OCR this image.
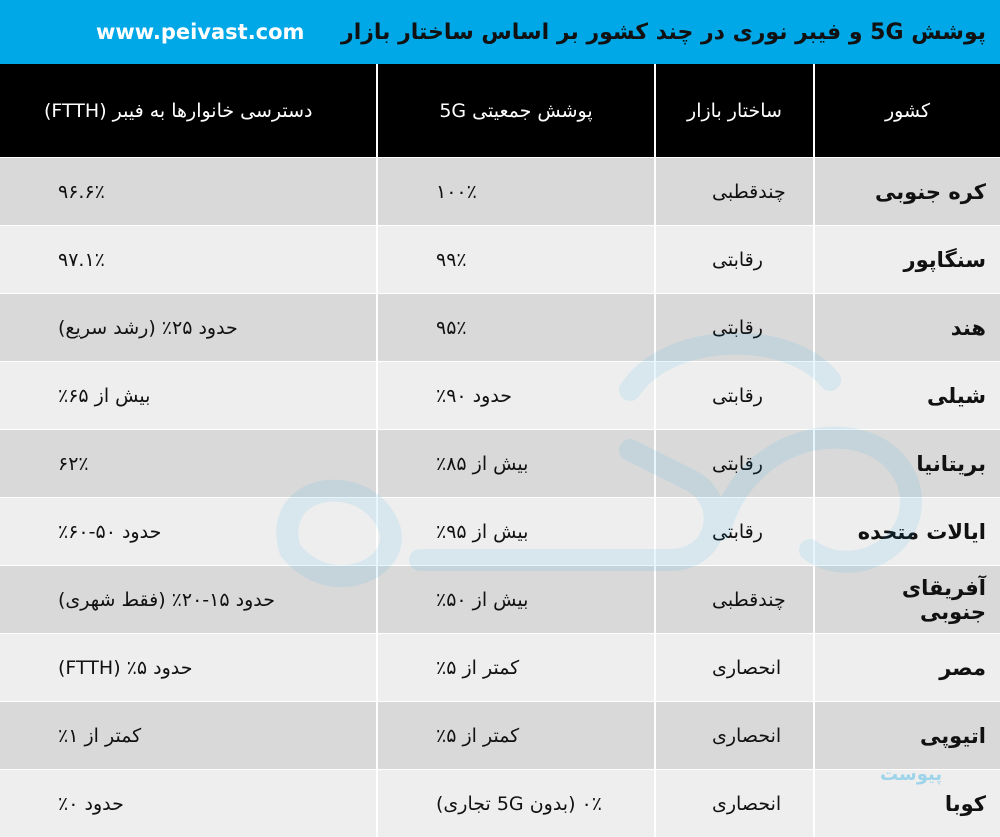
www.peivast.com پوشش 5G و فیبر نوری در چند کشور بر اساس ساختار بازار
کشور	ساختار بازار	پوشش جمعیتی 5G	دسترسی خانوارها به فیبر (FTTH)
کره جنوبی	چندقطبی	۱۰۰٪	۹۶.۶٪
سنگاپور	رقابتی	۹۹٪	۹۷.۱٪
هند	رقابتی	۹۵٪	حدود ۲۵٪ (رشد سریع)
شیلی	رقابتی	حدود ۹۰٪	بیش از ۶۵٪
بریتانیا	رقابتی	بیش از ۸۵٪	۶۲٪
ایالات متحده	رقابتی	بیش از ۹۵٪	حدود ۵۰-۶۰٪
آفریقای جنوبی	چندقطبی	بیش از ۵۰٪	حدود ۱۵-۲۰٪ (فقط شهری)
مصر	انحصاری	کمتر از ۵٪	حدود ۵٪ (FTTH)
اتیوپی	انحصاری	کمتر از ۵٪	کمتر از ۱٪
کوبا	انحصاری	۰٪ (بدون 5G تجاری)	حدود ۰٪
پیوست
